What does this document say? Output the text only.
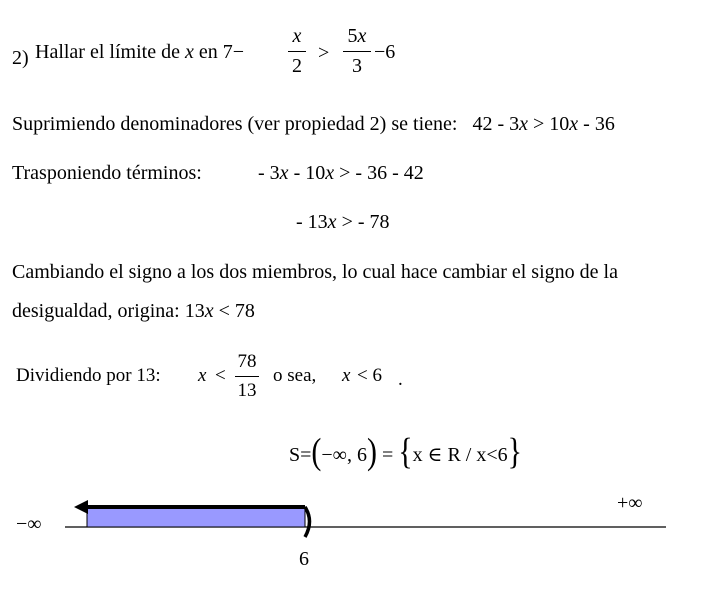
2) Hallar el límite de x en 7−
x
2
>
5x
3
−6
Suprimiendo denominadores (ver propiedad 2) se tiene: 42 - 3x > 10x - 36
Trasponiendo términos:	- 3x - 10x > - 36 - 42
- 13x > - 78
Cambiando el signo a los dos miembros, lo cual hace cambiar el signo de la
desigualdad, origina: 13x < 78
Dividiendo por 13: x <
78
13
o sea, x < 6 .
S=(−∞, 6) = {x ∈ R / x<6}
−∞
+∞
6
